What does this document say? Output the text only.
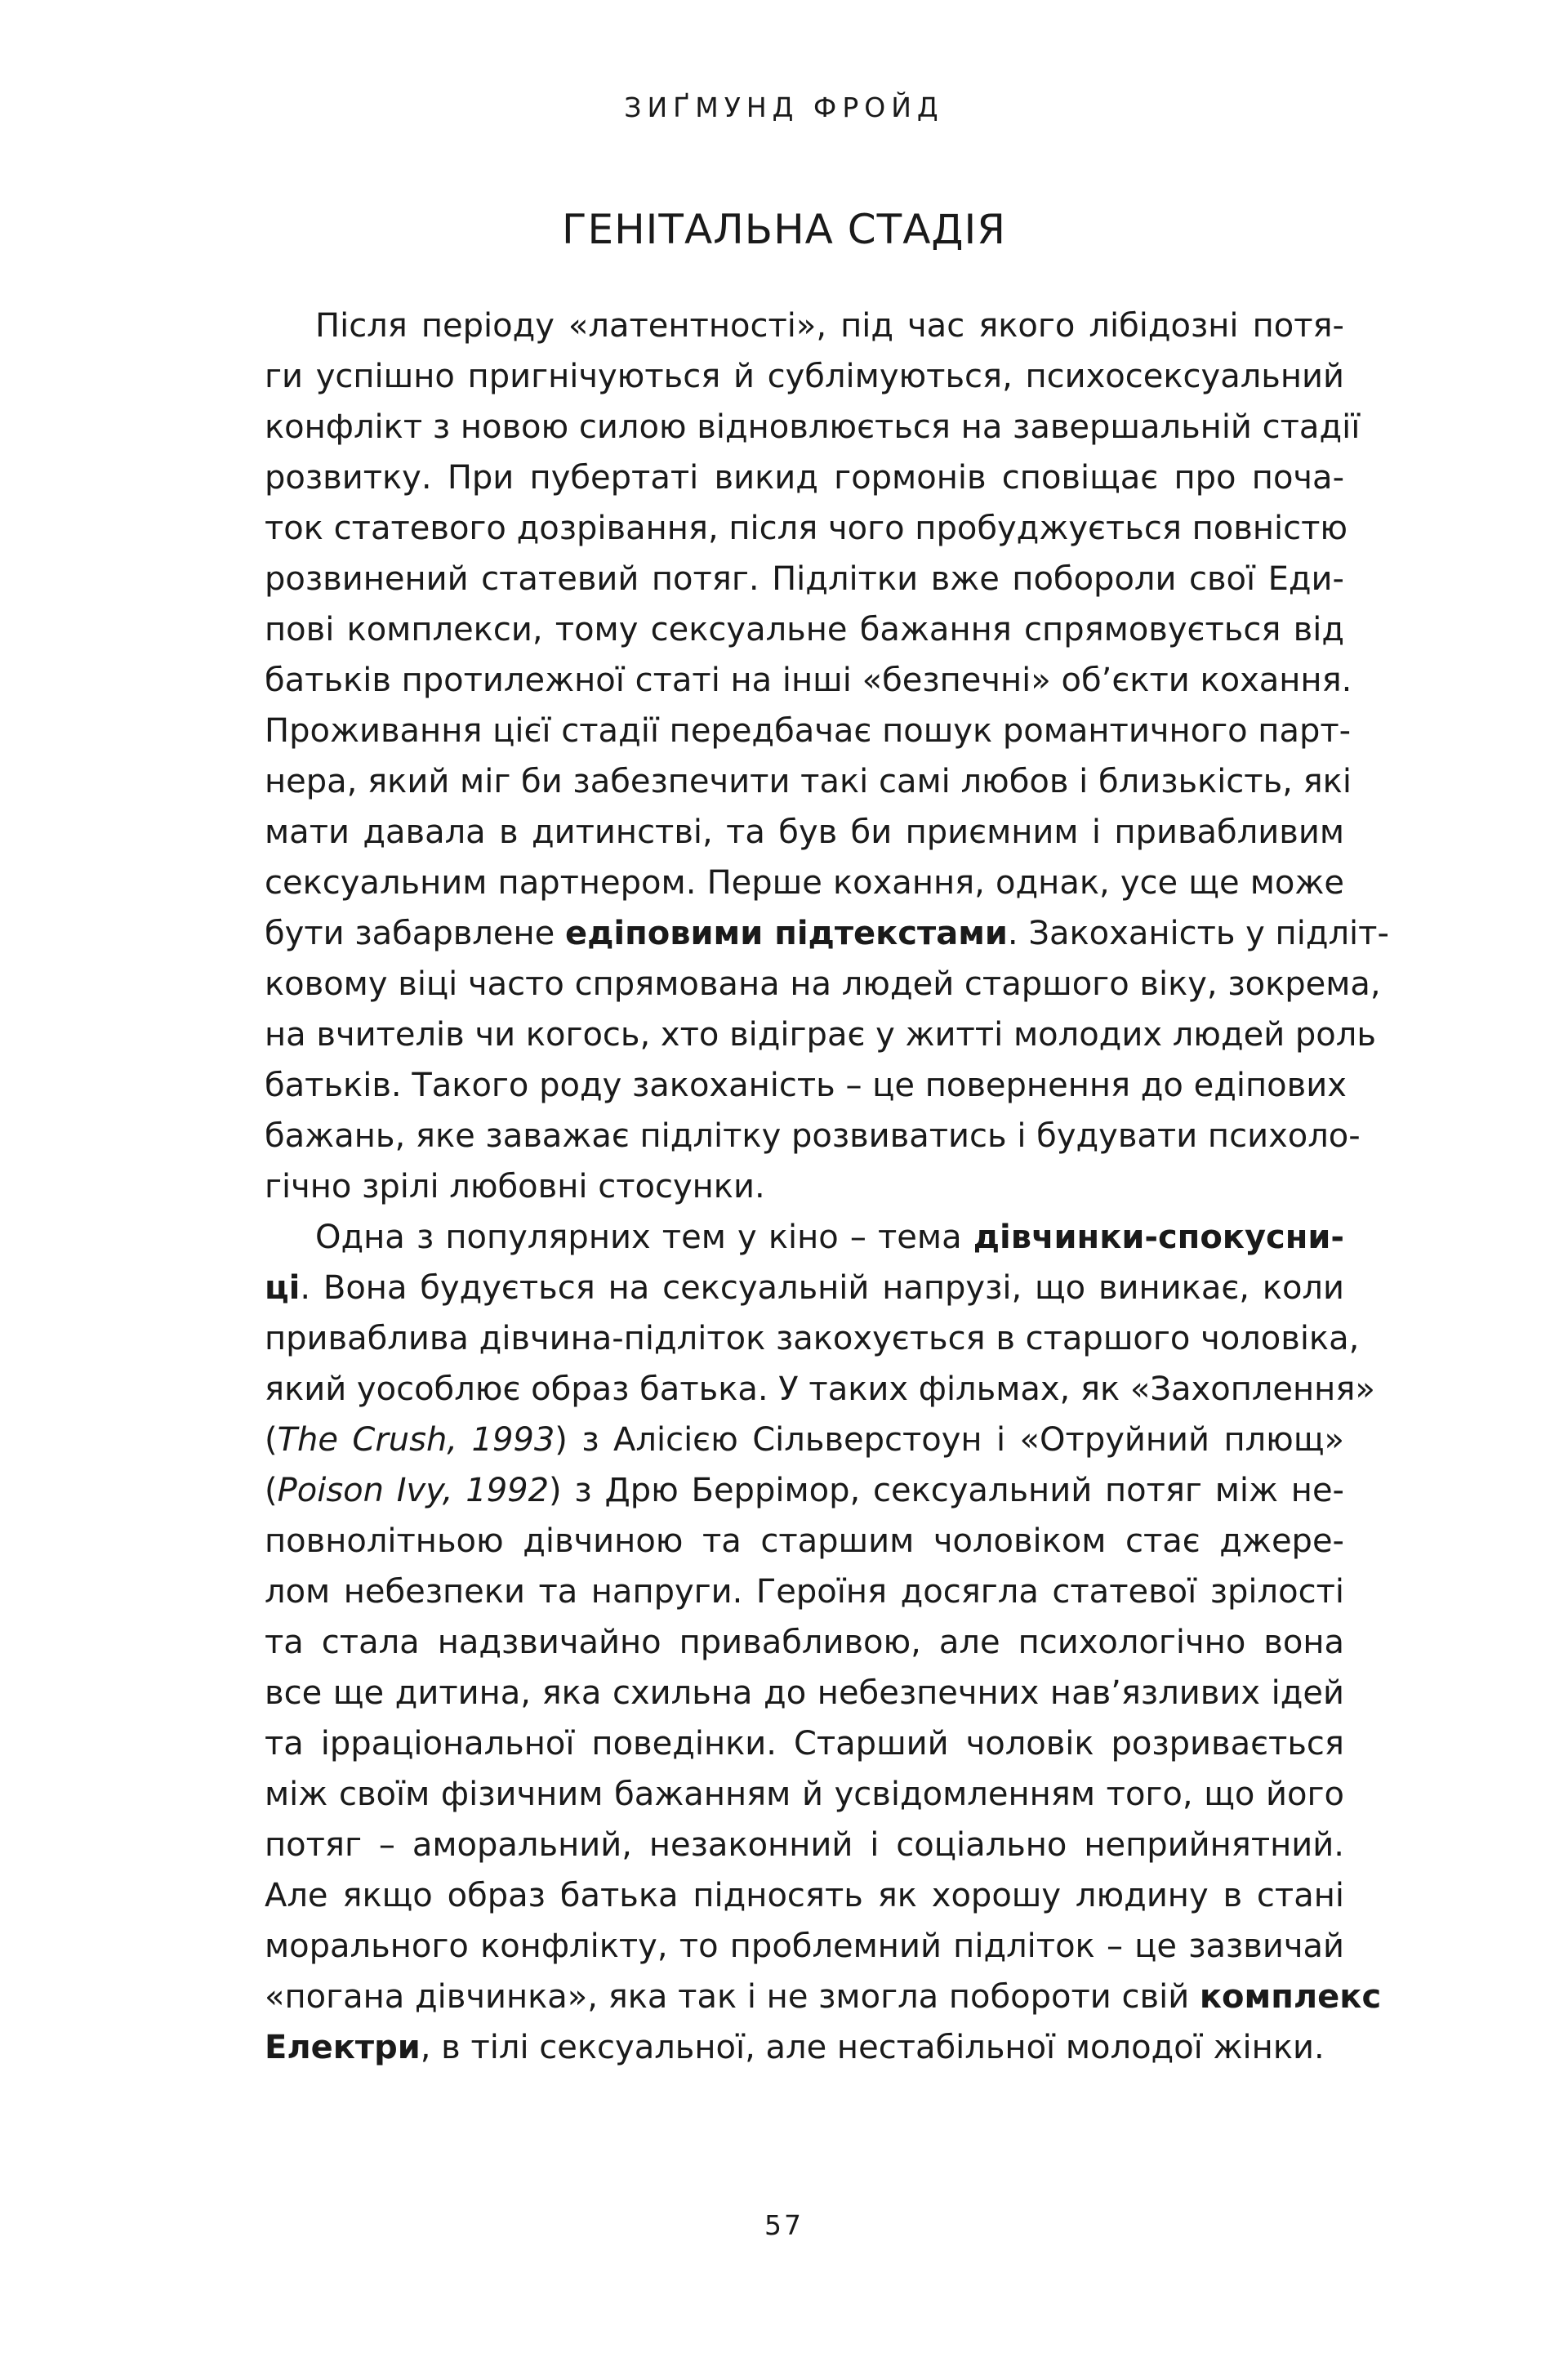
ЗИҐМУНД ФРОЙД
ГЕНІТАЛЬНА СТАДІЯ
Після періоду «латентності», під час якого лібідозні потя-
ги успішно пригнічуються й сублімуються, психосексуальний
конфлікт з новою силою відновлюється на завершальній стадії
розвитку. При пубертаті викид гормонів сповіщає про поча-
ток статевого дозрівання, після чого пробуджується повністю
розвинений статевий потяг. Підлітки вже побороли свої Еди-
пові комплекси, тому сексуальне бажання спрямовується від
батьків протилежної статі на інші «безпечні» об’єкти кохання.
Проживання цієї стадії передбачає пошук романтичного парт-
нера, який міг би забезпечити такі самі любов і близькість, які
мати давала в дитинстві, та був би приємним і привабливим
сексуальним партнером. Перше кохання, однак, усе ще може
бути забарвлене едіповими підтекстами. Закоханість у підліт-
ковому віці часто спрямована на людей старшого віку, зокрема,
на вчителів чи когось, хто відіграє у житті молодих людей роль
батьків. Такого роду закоханість – це повернення до едіпових
бажань, яке заважає підлітку розвиватись і будувати психоло-
гічно зрілі любовні стосунки.
Одна з популярних тем у кіно – тема дівчинки-спокусни-
ці. Вона будується на сексуальній напрузі, що виникає, коли
приваблива дівчина-підліток закохується в старшого чоловіка,
який уособлює образ батька. У таких фільмах, як «Захоплення»
(The Crush, 1993) з Алісією Сільверстоун і «Отруйний плющ»
(Poison Ivy, 1992) з Дрю Беррімор, сексуальний потяг між не-
повнолітньою дівчиною та старшим чоловіком стає джере-
лом небезпеки та напруги. Героїня досягла статевої зрілості
та стала надзвичайно привабливою, але психологічно вона
все ще дитина, яка схильна до небезпечних нав’язливих ідей
та ірраціональної поведінки. Старший чоловік розривається
між своїм фізичним бажанням й усвідомленням того, що його
потяг – аморальний, незаконний і соціально неприйнятний.
Але якщо образ батька підносять як хорошу людину в стані
морального конфлікту, то проблемний підліток – це зазвичай
«погана дівчинка», яка так і не змогла побороти свій комплекс
Електри, в тілі сексуальної, але нестабільної молодої жінки.
57
